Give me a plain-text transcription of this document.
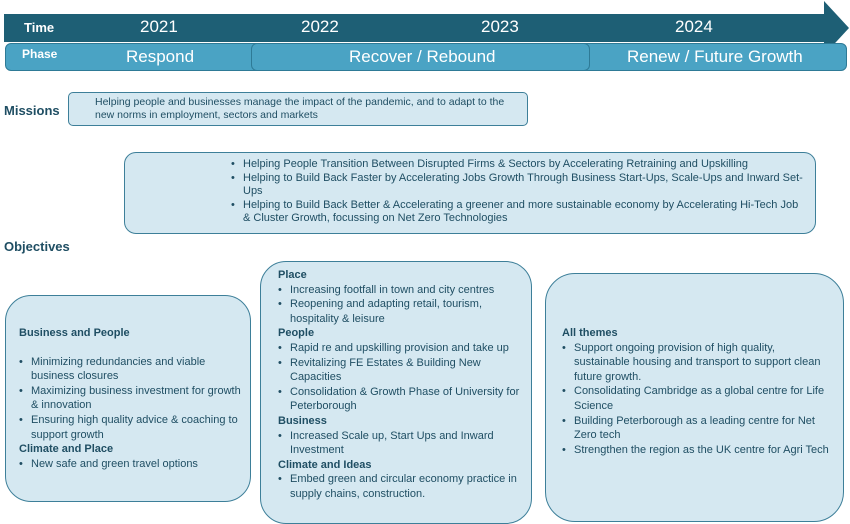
Time	2021	2022	2023	2024
Phase	Respond	Recover / Rebound	Renew / Future Growth
Missions
Helping people and businesses manage the impact of the pandemic, and to adapt to the new norms in employment, sectors and markets
Objectives
• Helping People Transition Between Disrupted Firms & Sectors by Accelerating Retraining and Upskilling
• Helping to Build Back Faster by Accelerating Jobs Growth Through Business Start-Ups, Scale-Ups and Inward Set-Ups
• Helping to Build Back Better & Accelerating a greener and more sustainable economy by Accelerating Hi-Tech Job & Cluster Growth, focussing on Net Zero Technologies
Business and People
• Minimizing redundancies and viable business closures
• Maximizing business investment for growth & innovation
• Ensuring high quality advice & coaching to support growth
Climate and Place
• New safe and green travel options
Place
• Increasing footfall in town and city centres
• Reopening and adapting retail, tourism, hospitality & leisure
People
• Rapid re and upskilling provision and take up
• Revitalizing FE Estates & Building New Capacities
• Consolidation & Growth Phase of University for Peterborough
Business
• Increased Scale up, Start Ups and Inward Investment
Climate and Ideas
• Embed green and circular economy practice in supply chains, construction.
All themes
• Support ongoing provision of high quality, sustainable housing and transport to support clean future growth.
• Consolidating Cambridge as a global centre for Life Science
• Building Peterborough as a leading centre for Net Zero tech
• Strengthen the region as the UK centre for Agri Tech
